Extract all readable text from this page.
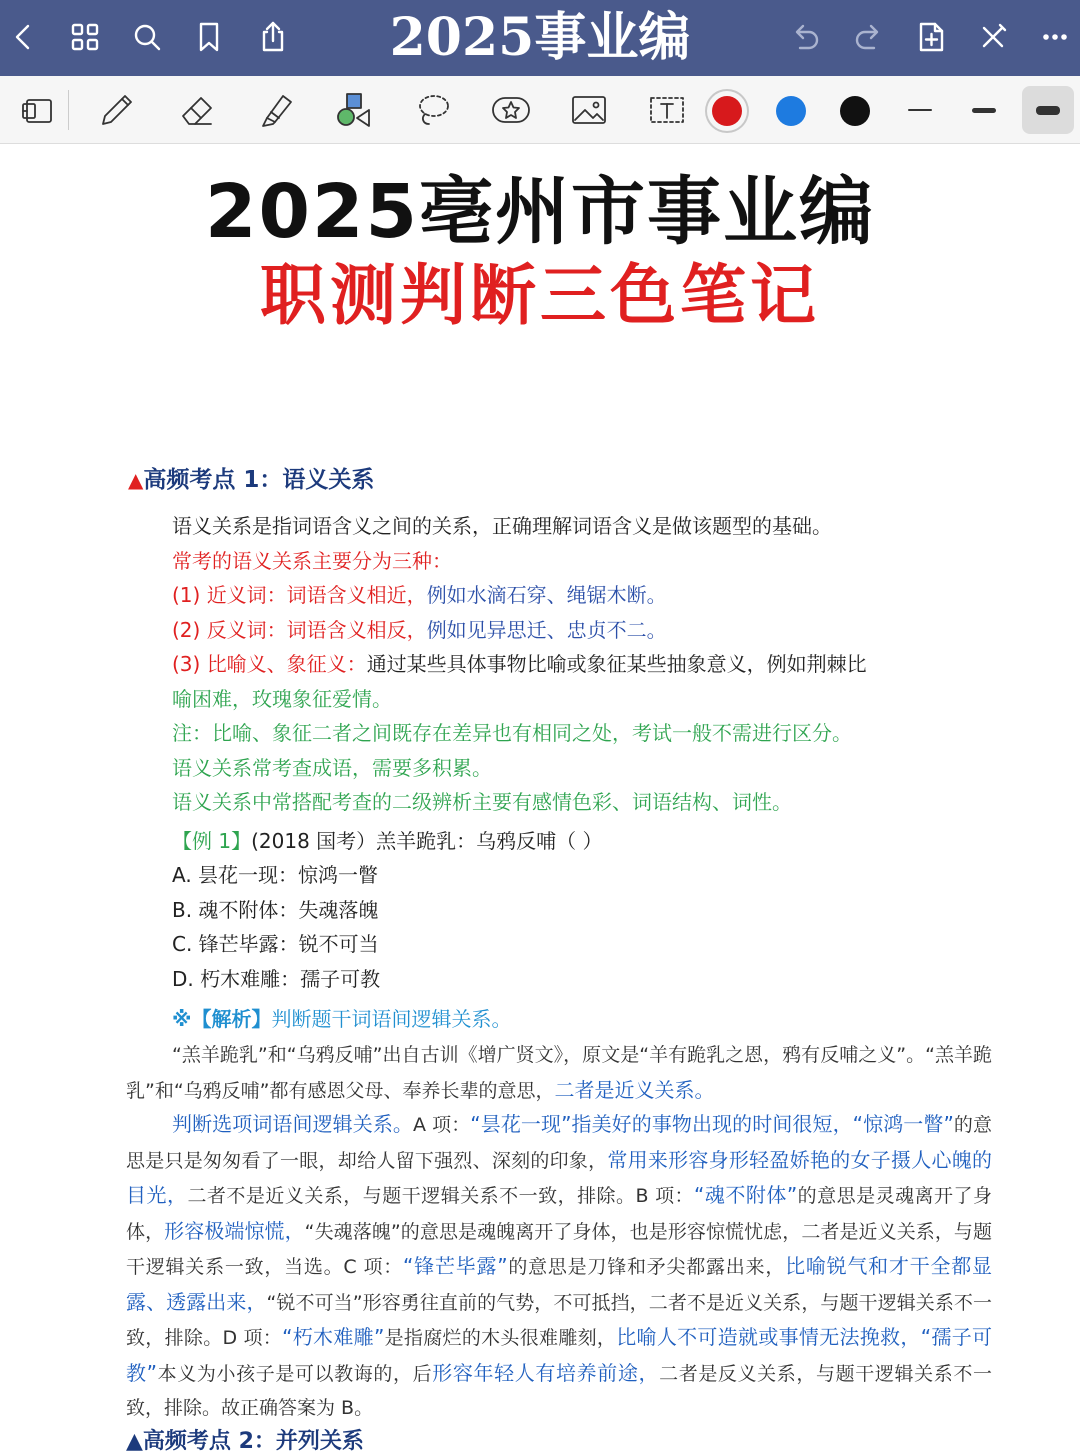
2025事业编
2025亳州市事业编
职测判断三色笔记
▲高频考点 1：语义关系
语义关系是指词语含义之间的关系，正确理解词语含义是做该题型的基础。
常考的语义关系主要分为三种：
(1) 近义词：词语含义相近，例如水滴石穿、绳锯木断。
(2) 反义词：词语含义相反，例如见异思迁、忠贞不二。
(3) 比喻义、象征义：通过某些具体事物比喻或象征某些抽象意义，例如荆棘比
喻困难，玫瑰象征爱情。
注：比喻、象征二者之间既存在差异也有相同之处，考试一般不需进行区分。
语义关系常考查成语，需要多积累。
语义关系中常搭配考查的二级辨析主要有感情色彩、词语结构、词性。
【例 1】(2018 国考）羔羊跪乳：乌鸦反哺（ ）
A. 昙花一现：惊鸿一瞥
B. 魂不附体：失魂落魄
C. 锋芒毕露：锐不可当
D. 朽木难雕：孺子可教
※【解析】判断题干词语间逻辑关系。
“羔羊跪乳”和“乌鸦反哺”出自古训《增广贤文》，原文是“羊有跪乳之恩，鸦有反哺之义”。“羔羊跪乳”和“乌鸦反哺”都有感恩父母、奉养长辈的意思，二者是近义关系。
判断选项词语间逻辑关系。A 项：“昙花一现”指美好的事物出现的时间很短，“惊鸿一瞥”的意思是只是匆匆看了一眼，却给人留下强烈、深刻的印象，常用来形容身形轻盈娇艳的女子摄人心魄的目光，二者不是近义关系，与题干逻辑关系不一致，排除。B 项：“魂不附体”的意思是灵魂离开了身体，形容极端惊慌，“失魂落魄”的意思是魂魄离开了身体，也是形容惊慌忧虑，二者是近义关系，与题干逻辑关系一致，当选。C 项：“锋芒毕露”的意思是刀锋和矛尖都露出来，比喻锐气和才干全都显露、透露出来，“锐不可当”形容勇往直前的气势，不可抵挡，二者不是近义关系，与题干逻辑关系不一致，排除。D 项：“朽木难雕”是指腐烂的木头很难雕刻，比喻人不可造就或事情无法挽救，“孺子可教”本义为小孩子是可以教诲的，后形容年轻人有培养前途，二者是反义关系，与题干逻辑关系不一致，排除。故正确答案为 B。
▲高频考点 2：并列关系
